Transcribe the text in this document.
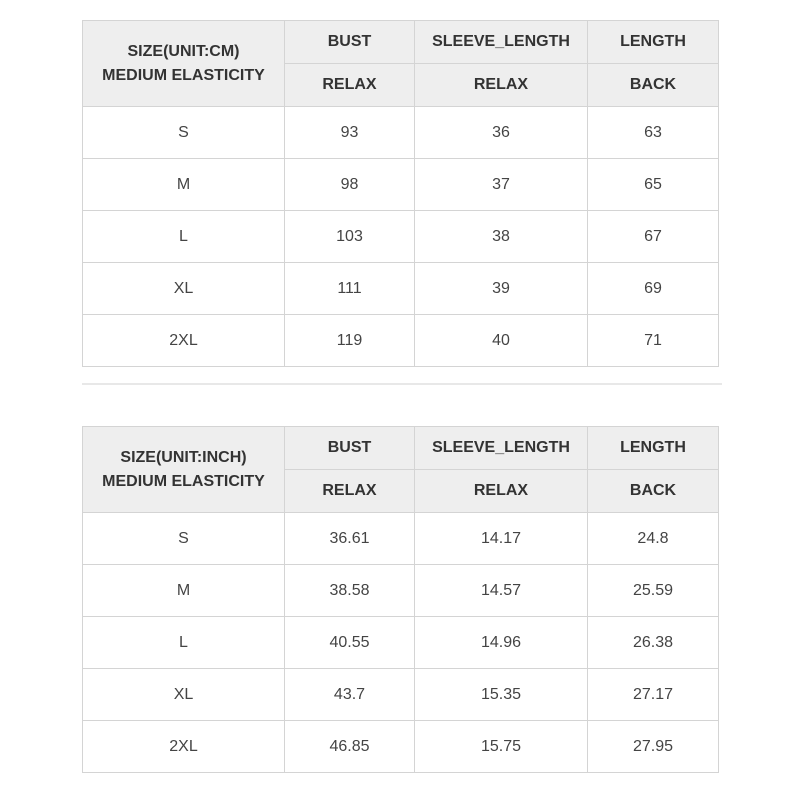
SIZE(UNIT:CM)
MEDIUM ELASTICITY	BUST	SLEEVE_LENGTH	LENGTH
	RELAX	RELAX	BACK
S	93	36	63
M	98	37	65
L	103	38	67
XL	111	39	69
2XL	119	40	71
SIZE(UNIT:INCH)
MEDIUM ELASTICITY	BUST	SLEEVE_LENGTH	LENGTH
	RELAX	RELAX	BACK
S	36.61	14.17	24.8
M	38.58	14.57	25.59
L	40.55	14.96	26.38
XL	43.7	15.35	27.17
2XL	46.85	15.75	27.95
